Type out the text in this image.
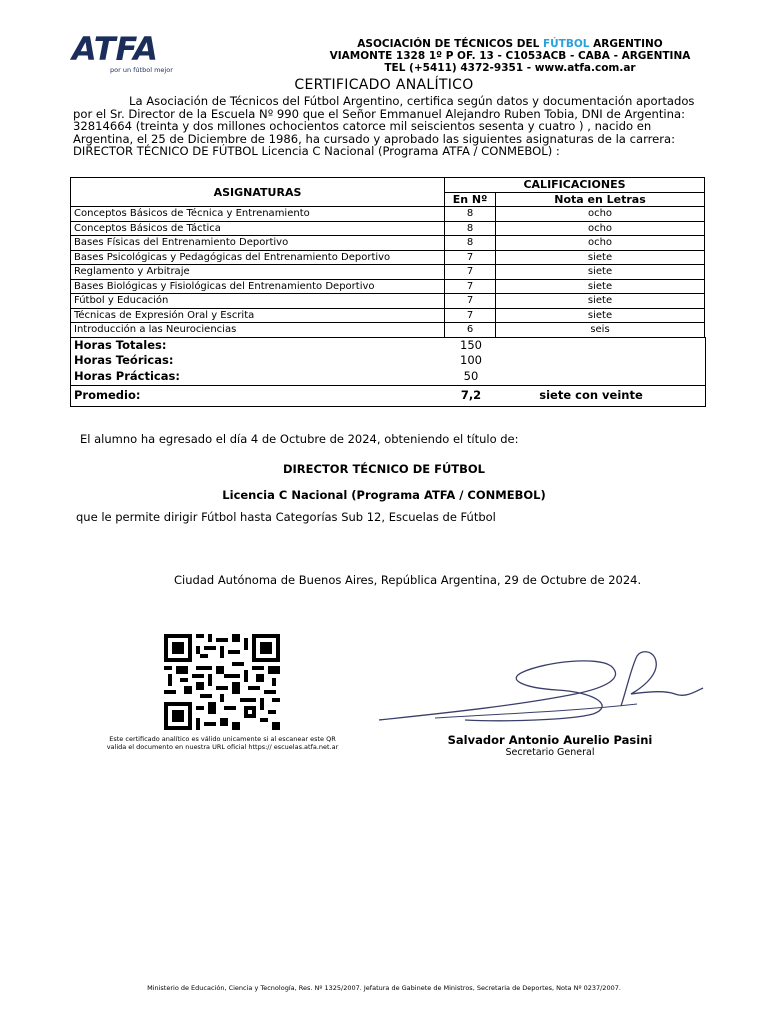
ATFA
por un fútbol mejor
ASOCIACIÓN DE TÉCNICOS DEL FÚTBOL ARGENTINO
VIAMONTE 1328 1º P OF. 13 - C1053ACB - CABA - ARGENTINA
TEL (+5411) 4372-9351 - www.atfa.com.ar
CERTIFICADO ANALÍTICO
La Asociación de Técnicos del Fútbol Argentino, certifica según datos y documentación aportados por el Sr. Director de la Escuela Nº 990 que el Señor Emmanuel Alejandro Ruben Tobia, DNI de Argentina: 32814664 (treinta y dos millones ochocientos catorce mil seiscientos sesenta y cuatro ) , nacido en Argentina, el 25 de Diciembre de 1986, ha cursado y aprobado las siguientes asignaturas de la carrera: DIRECTOR TÉCNICO DE FÚTBOL Licencia C Nacional (Programa ATFA / CONMEBOL) :
ASIGNATURAS	CALIFICACIONES	
	En Nº	Nota en Letras
Conceptos Básicos de Técnica y Entrenamiento	8	ocho
Conceptos Básicos de Táctica	8	ocho
Bases Físicas del Entrenamiento Deportivo	8	ocho
Bases Psicológicas y Pedagógicas del Entrenamiento Deportivo	7	siete
Reglamento y Arbitraje	7	siete
Bases Biológicas y Fisiológicas del Entrenamiento Deportivo	7	siete
Fútbol y Educación	7	siete
Técnicas de Expresión Oral y Escrita	7	siete
Introducción a las Neurociencias	6	seis
Horas Totales:	150
Horas Teóricas:	100
Horas Prácticas:	50
Promedio:	7,2	siete con veinte
El alumno ha egresado el día 4 de Octubre de 2024, obteniendo el título de:
DIRECTOR TÉCNICO DE FÚTBOL
Licencia C Nacional (Programa ATFA / CONMEBOL)
que le permite dirigir Fútbol hasta Categorías Sub 12, Escuelas de Fútbol
Ciudad Autónoma de Buenos Aires, República Argentina, 29 de Octubre de 2024.
Este certificado analítico es válido unicamente si al escanear este QR valida el documento en nuestra URL oficial https:// escuelas.atfa.net.ar	Salvador Antonio Aurelio Pasini
Secretario General
Ministerio de Educación, Ciencia y Tecnología, Res. Nº 1325/2007. Jefatura de Gabinete de Ministros, Secretaria de Deportes, Nota Nº 0237/2007.
